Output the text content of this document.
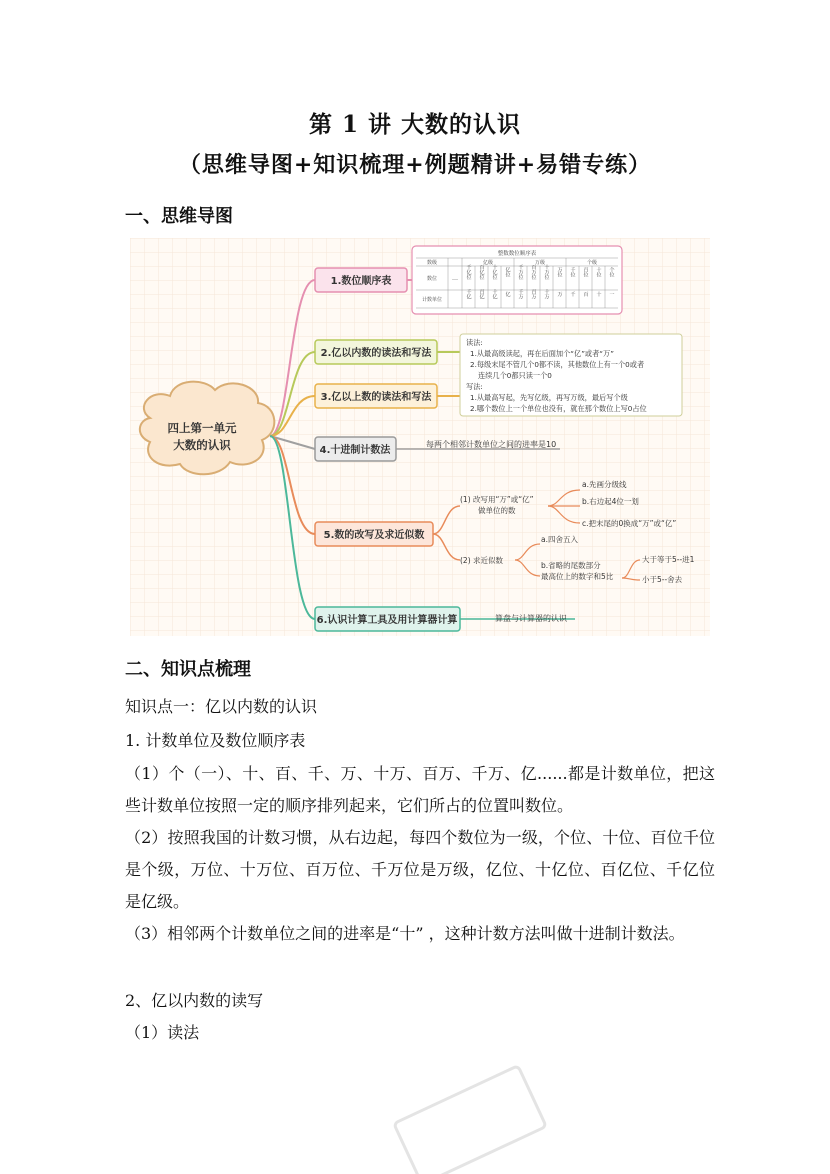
第 1 讲 大数的认识
（思维导图+知识梳理+例题精讲+易错专练）
一、思维导图
四上第一单元
大数的认识
1.数位顺序表
2.亿以内数的读法和写法
3.亿以上数的读法和写法
4.十进制计数法
5.数的改写及求近似数
6.认识计算工具及用计算器计算
整数数位顺序表
数级
数位
计数单位
…
亿级	万级	个级
千亿位
千亿
百亿位
百亿
十亿位
十亿
亿位
亿
千万位
千万
百万位
百万
十万位
十万
万位
万
千位
千
百位
百
十位
十
个位
一
读法:
1.从最高级读起，再在后面加个“亿”或者“万”
2.每级末尾不管几个0都不读，其他数位上有一个0或者
连续几个0都只读一个0
写法:
1.从最高写起，先写亿级，再写万级，最后写个级
2.哪个数位上一个单位也没有，就在那个数位上写0占位
每两个相邻计数单位之间的进率是10
(1) 改写用“万”或“亿”
做单位的数
a.先画分级线
b.右边起4位一划
c.把末尾的0换成“万”或“亿”
(2) 求近似数
a.四舍五入
b.省略的尾数部分
最高位上的数字和5比
大于等于5--进1
小于5--舍去
算盘与计算器的认识
二、知识点梳理
知识点一：亿以内数的认识
1. 计数单位及数位顺序表
（1）个（一）、十、百、千、万、十万、百万、千万、亿......都是计数单位，把这些计数单位按照一定的顺序排列起来，它们所占的位置叫数位。
（2）按照我国的计数习惯，从右边起，每四个数位为一级，个位、十位、百位千位是个级，万位、十万位、百万位、千万位是万级，亿位、十亿位、百亿位、千亿位是亿级。
（3）相邻两个计数单位之间的进率是“十” ，这种计数方法叫做十进制计数法。
2、亿以内数的读写
（1）读法
